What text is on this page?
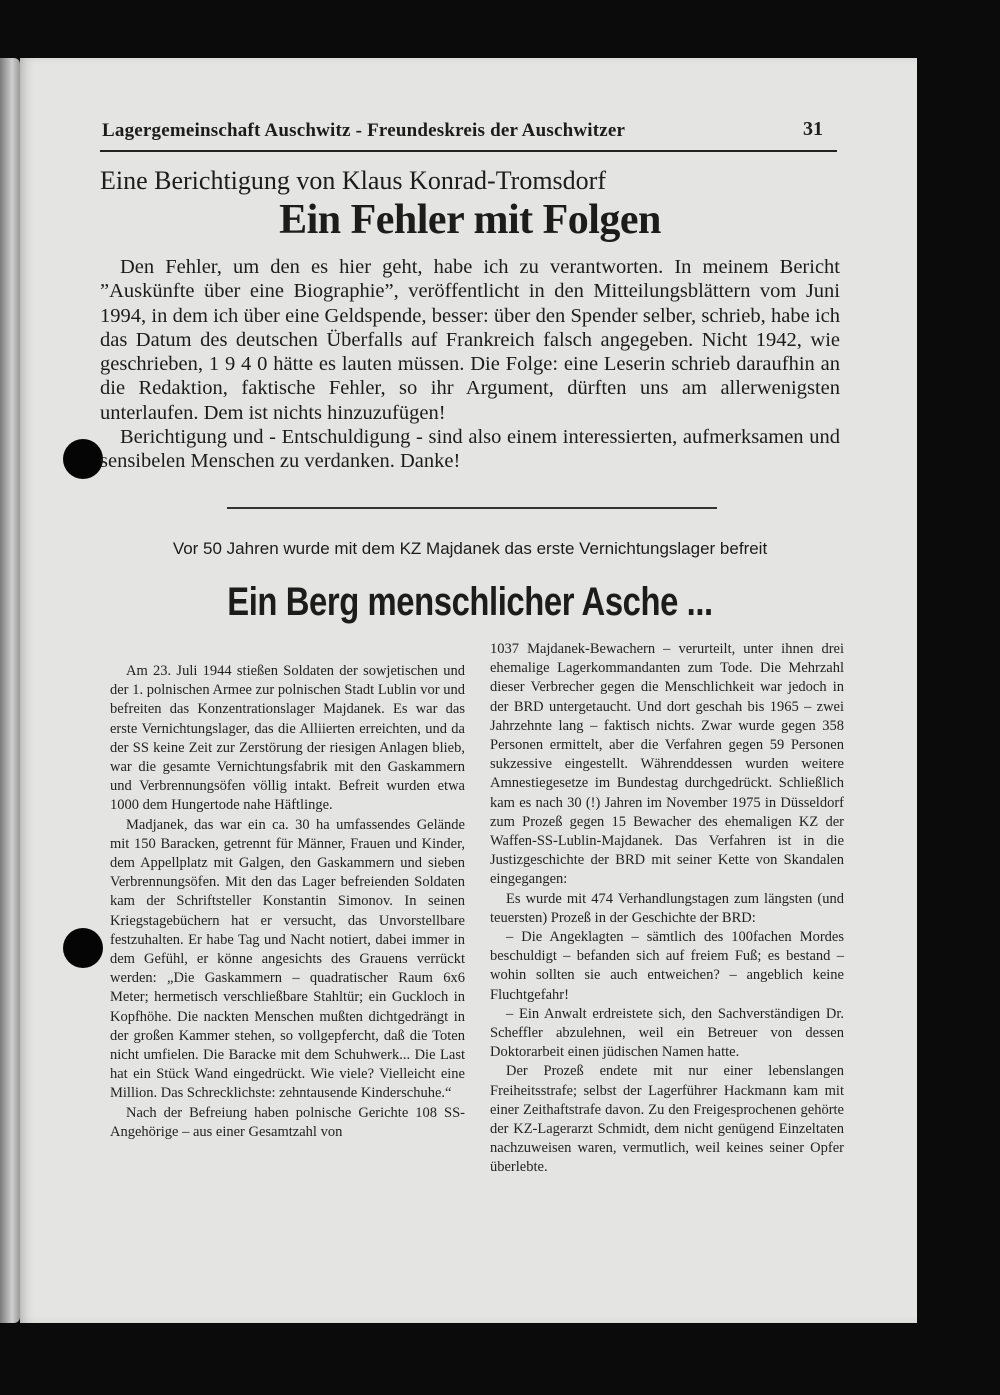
Lagergemeinschaft Auschwitz - Freundeskreis der Auschwitzer	31
Eine Berichtigung von Klaus Konrad-Tromsdorf
Ein Fehler mit Folgen

Den Fehler, um den es hier geht, habe ich zu verantworten. In meinem Bericht ”Auskünfte über eine Biographie”, veröffentlicht in den Mitteilungsblättern vom Juni 1994, in dem ich über eine Geldspende, besser: über den Spender selber, schrieb, habe ich das Datum des deutschen Überfalls auf Frankreich falsch angegeben. Nicht 1942, wie geschrieben, 1 9 4 0 hätte es lauten müssen. Die Folge: eine Leserin schrieb daraufhin an die Redaktion, faktische Fehler, so ihr Argument, dürften uns am allerwenigsten unterlaufen. Dem ist nichts hinzuzufügen!

Berichtigung und - Entschuldigung - sind also einem interessierten, aufmerksamen und sensibelen Menschen zu verdanken. Danke!

Vor 50 Jahren wurde mit dem KZ Majdanek das erste Vernichtungslager befreit
Ein Berg menschlicher Asche ...

Am 23. Juli 1944 stießen Soldaten der sowjetischen und der 1. polnischen Armee zur polnischen Stadt Lublin vor und befreiten das Konzentrationslager Majdanek. Es war das erste Vernichtungslager, das die Alliierten erreichten, und da der SS keine Zeit zur Zerstörung der riesigen Anlagen blieb, war die gesamte Vernichtungsfabrik mit den Gaskammern und Verbrennungsöfen völlig intakt. Befreit wurden etwa 1000 dem Hungertode nahe Häftlinge.

Madjanek, das war ein ca. 30 ha umfassendes Gelände mit 150 Baracken, getrennt für Männer, Frauen und Kinder, dem Appellplatz mit Galgen, den Gaskammern und sieben Verbrennungsöfen. Mit den das Lager befreienden Soldaten kam der Schriftsteller Konstantin Simonov. In seinen Kriegstagebüchern hat er versucht, das Unvorstellbare festzuhalten. Er habe Tag und Nacht notiert, dabei immer in dem Gefühl, er könne angesichts des Grauens verrückt werden: „Die Gaskammern – quadratischer Raum 6x6 Meter; hermetisch verschließbare Stahltür; ein Guckloch in Kopfhöhe. Die nackten Menschen mußten dichtgedrängt in der großen Kammer stehen, so vollgepfercht, daß die Toten nicht umfielen. Die Baracke mit dem Schuhwerk... Die Last hat ein Stück Wand eingedrückt. Wie viele? Vielleicht eine Million. Das Schrecklichste: zehntausende Kinderschuhe.“

Nach der Befreiung haben polnische Gerichte 108 SS-Angehörige – aus einer Gesamtzahl von

1037 Majdanek-Bewachern – verurteilt, unter ihnen drei ehemalige Lagerkommandanten zum Tode. Die Mehrzahl dieser Verbrecher gegen die Menschlichkeit war jedoch in der BRD untergetaucht. Und dort geschah bis 1965 – zwei Jahrzehnte lang – faktisch nichts. Zwar wurde gegen 358 Personen ermittelt, aber die Verfahren gegen 59 Personen sukzessive eingestellt. Währenddessen wurden weitere Amnestiegesetze im Bundestag durchgedrückt. Schließlich kam es nach 30 (!) Jahren im November 1975 in Düsseldorf zum Prozeß gegen 15 Bewacher des ehemaligen KZ der Waffen-SS-Lublin-Majdanek. Das Verfahren ist in die Justizgeschichte der BRD mit seiner Kette von Skandalen eingegangen:

Es wurde mit 474 Verhandlungstagen zum längsten (und teuersten) Prozeß in der Geschichte der BRD:

– Die Angeklagten – sämtlich des 100fachen Mordes beschuldigt – befanden sich auf freiem Fuß; es bestand – wohin sollten sie auch entweichen? – angeblich keine Fluchtgefahr!

– Ein Anwalt erdreistete sich, den Sachverständigen Dr. Scheffler abzulehnen, weil ein Betreuer von dessen Doktorarbeit einen jüdischen Namen hatte.

Der Prozeß endete mit nur einer lebenslangen Freiheitsstrafe; selbst der Lagerführer Hackmann kam mit einer Zeithaftstrafe davon. Zu den Freigesprochenen gehörte der KZ-Lagerarzt Schmidt, dem nicht genügend Einzeltaten nachzuweisen waren, vermutlich, weil keines seiner Opfer überlebte.
